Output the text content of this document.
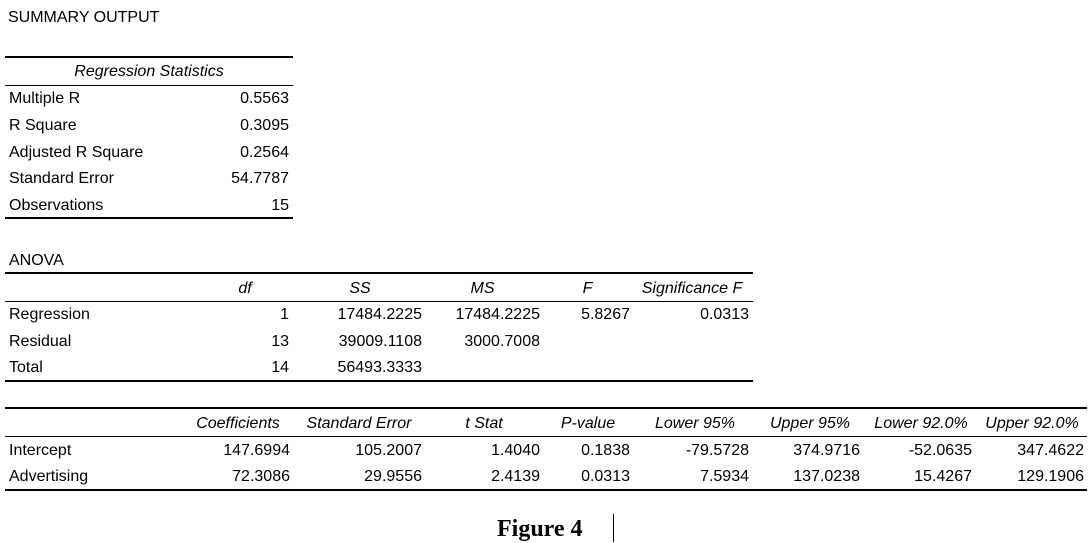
SUMMARY OUTPUT
Regression Statistics
Multiple R	0.5563
R Square	0.3095
Adjusted R Square	0.2564
Standard Error	54.7787
Observations	15
ANOVA
df	SS	MS	F	Significance F
Regression	1	17484.2225	17484.2225	5.8267	0.0313
Residual	13	39009.1108	3000.7008
Total	14	56493.3333
Coefficients	Standard Error	t Stat	P-value	Lower 95%	Upper 95%	Lower 92.0%	Upper 92.0%
Intercept	147.6994	105.2007	1.4040	0.1838	-79.5728	374.9716	-52.0635	347.4622
Advertising	72.3086	29.9556	2.4139	0.0313	7.5934	137.0238	15.4267	129.1906
Figure 4
